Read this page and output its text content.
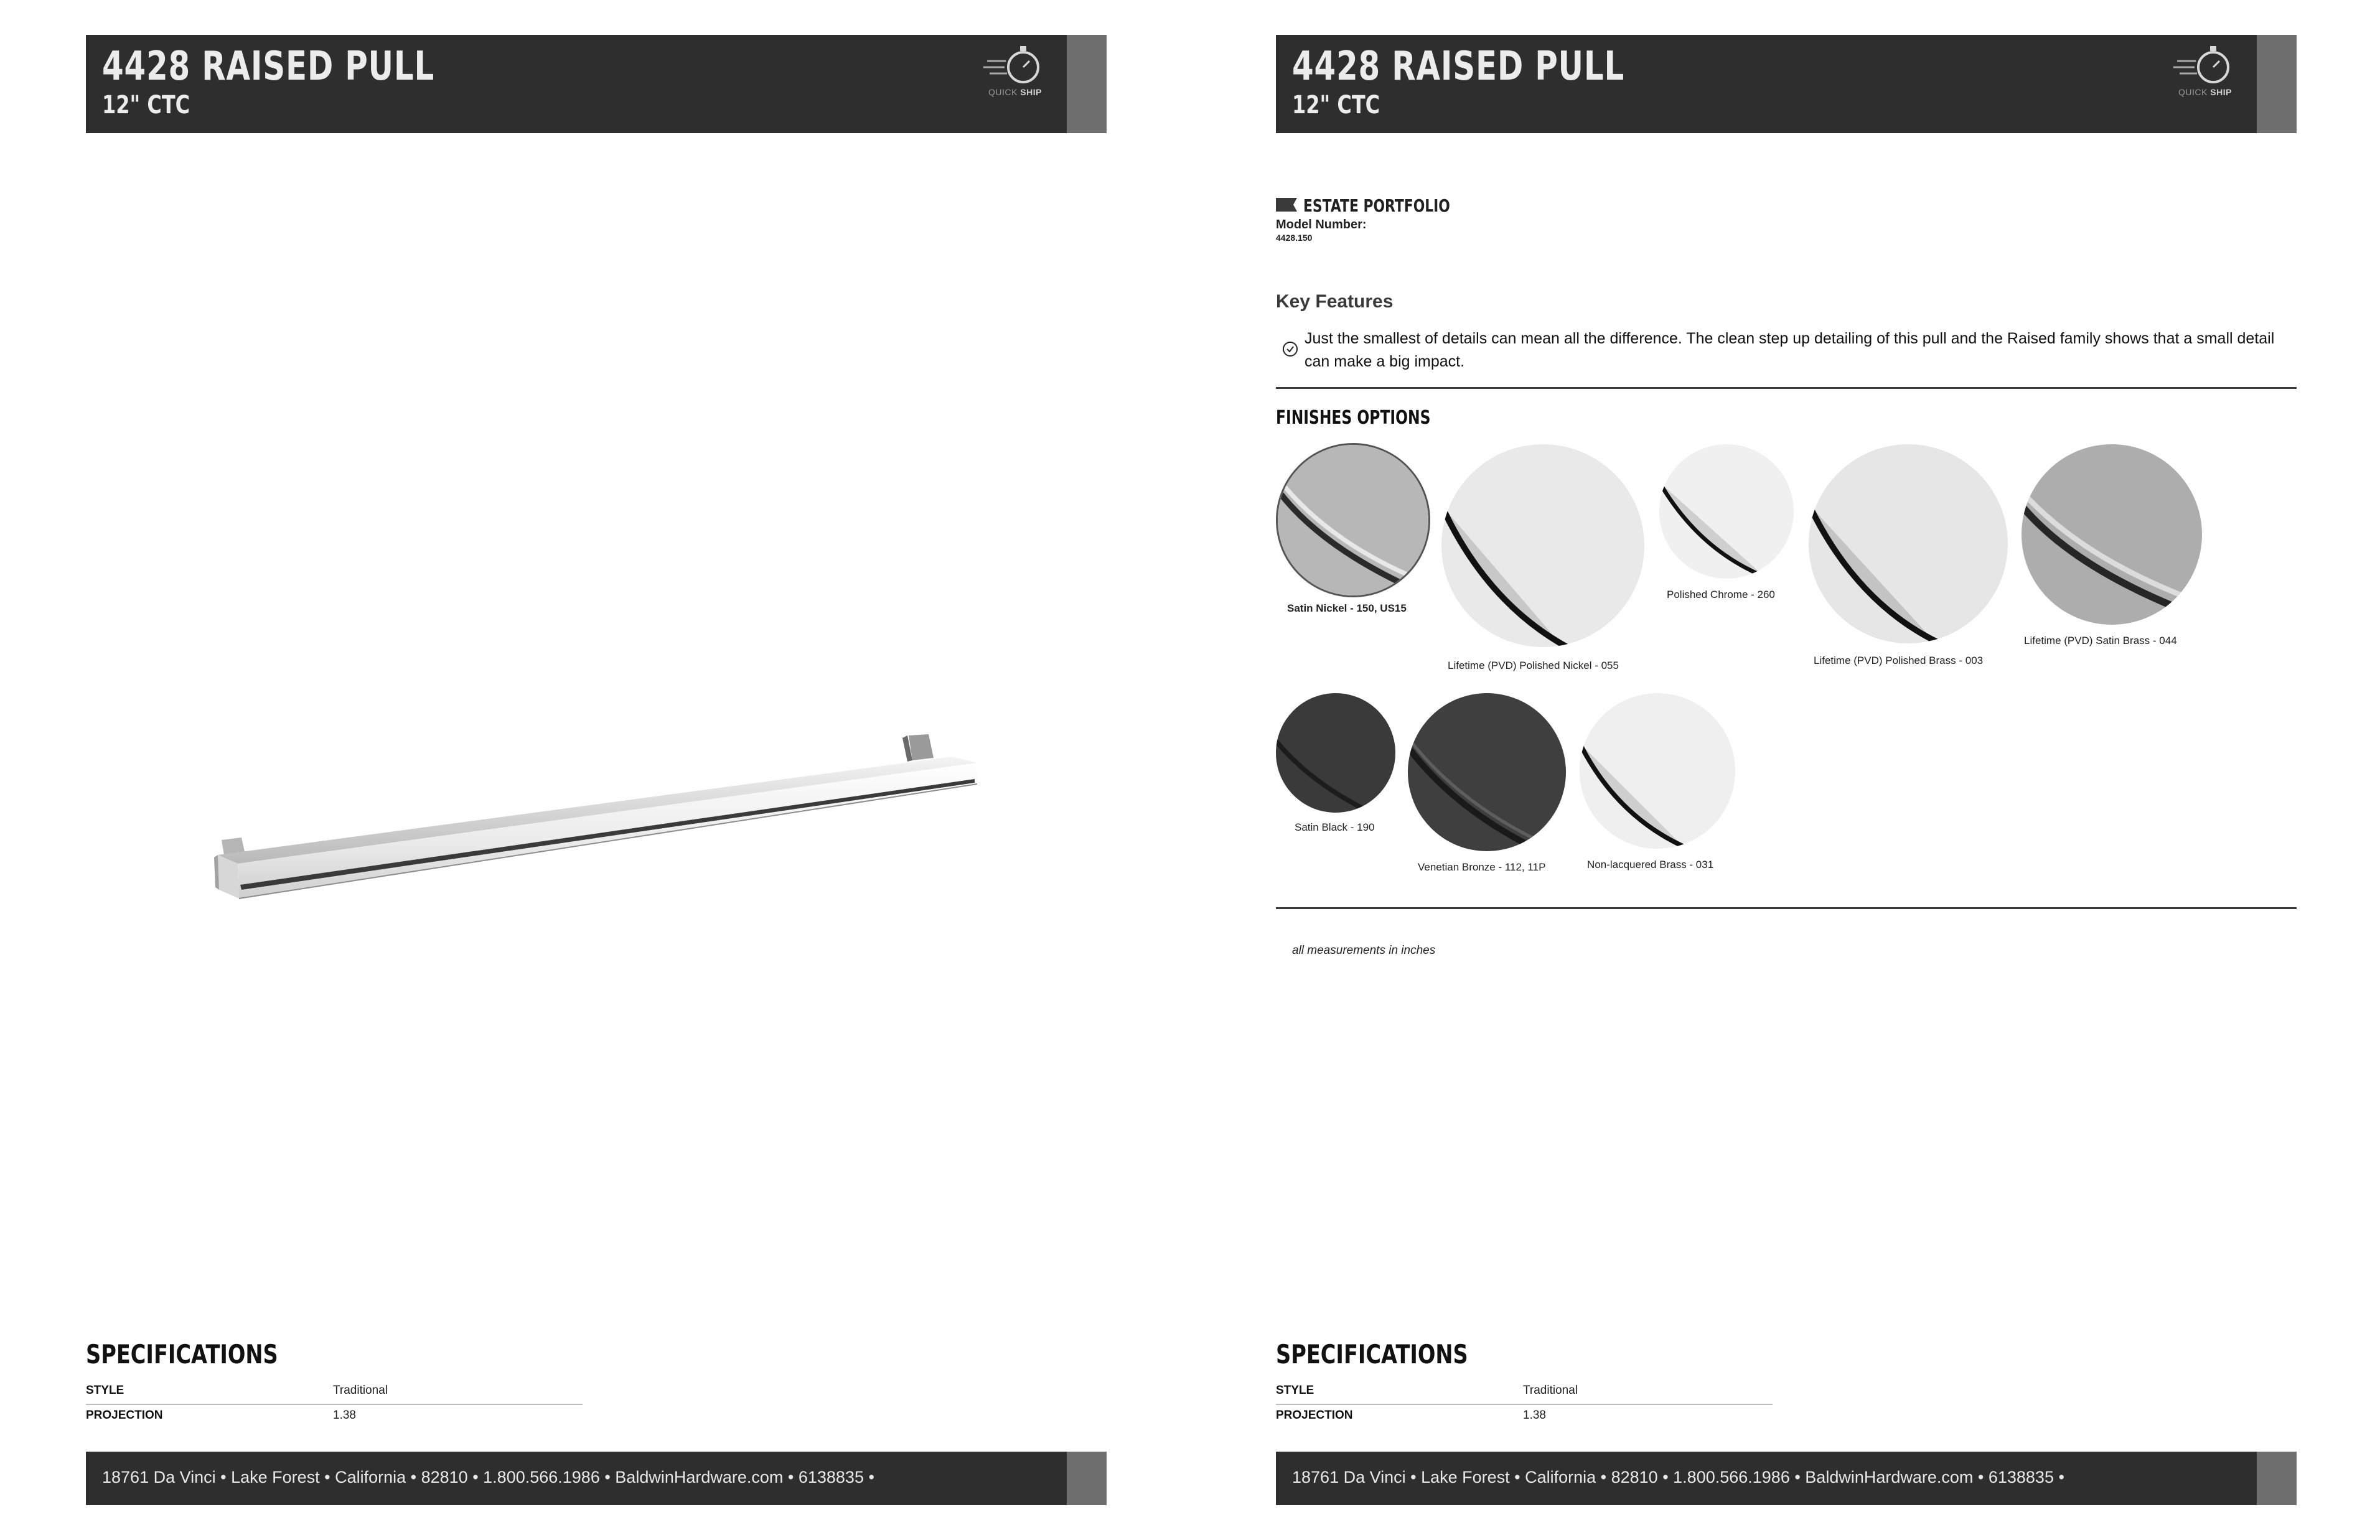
4428 RAISED PULL
12" CTC	QUICK SHIP
SPECIFICATIONS
STYLE	Traditional
PROJECTION	1.38
18761 Da Vinci • Lake Forest • California • 82810 • 1.800.566.1986 • BaldwinHardware.com • 6138835 •
4428 RAISED PULL
12" CTC	QUICK SHIP
ESTATE PORTFOLIO
Model Number:
4428.150
Key Features
Just the smallest of details can mean all the difference. The clean step up detailing of this pull and the Raised family shows that a small detail can make a big impact.
FINISHES OPTIONS
Satin Nickel - 150, US15
Lifetime (PVD) Polished Nickel - 055
Polished Chrome - 260
Lifetime (PVD) Polished Brass - 003
Lifetime (PVD) Satin Brass - 044
Satin Black - 190
Venetian Bronze - 112, 11P	Non-lacquered Brass - 031
all measurements in inches
SPECIFICATIONS
STYLE	Traditional
PROJECTION	1.38
18761 Da Vinci • Lake Forest • California • 82810 • 1.800.566.1986 • BaldwinHardware.com • 6138835 •
